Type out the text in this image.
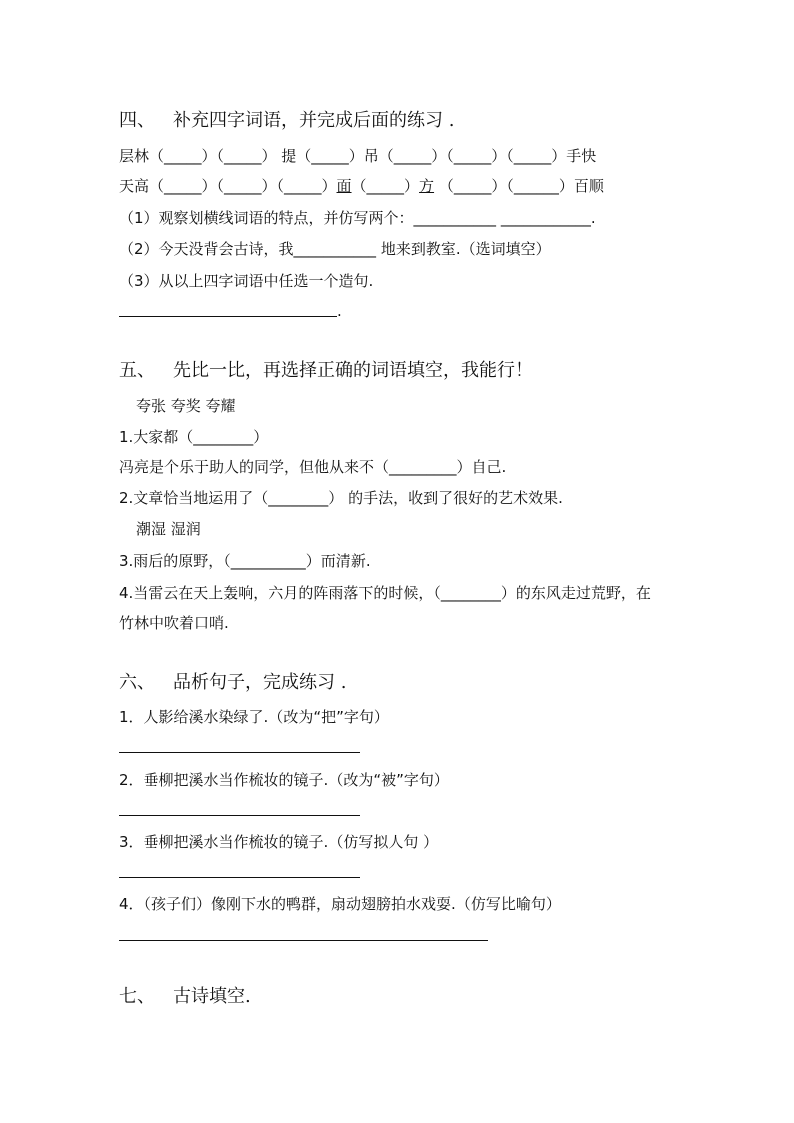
四、 补充四字词语，并完成后面的练习 .
层林（_____）（_____） 提（_____）吊（_____）（_____）（_____）手快
天高（_____）（_____）（_____）面（_____）方 （_____）（______）百顺
（1）观察划横线词语的特点，并仿写两个：___________ ____________.
（2）今天没背会古诗，我___________ 地来到教室.（选词填空）
（3）从以上四字词语中任选一个造句.
.
五、 先比一比，再选择正确的词语填空，我能行！
夸张 夸奖 夸耀
1.大家都（________）
冯亮是个乐于助人的同学，但他从来不（_________）自己.
2.文章恰当地运用了（________） 的手法，收到了很好的艺术效果.
潮湿 湿润
3.雨后的原野，（__________）而清新.
4.当雷云在天上轰响，六月的阵雨落下的时候，（________）的东风走过荒野，在
竹林中吹着口哨.
六、 品析句子，完成练习 .
1．人影给溪水染绿了.（改为“把”字句）
2．垂柳把溪水当作梳妆的镜子.（改为“被”字句）
3．垂柳把溪水当作梳妆的镜子.（仿写拟人句 ）
4．（孩子们）像刚下水的鸭群，扇动翅膀拍水戏耍.（仿写比喻句）
七、 古诗填空.
